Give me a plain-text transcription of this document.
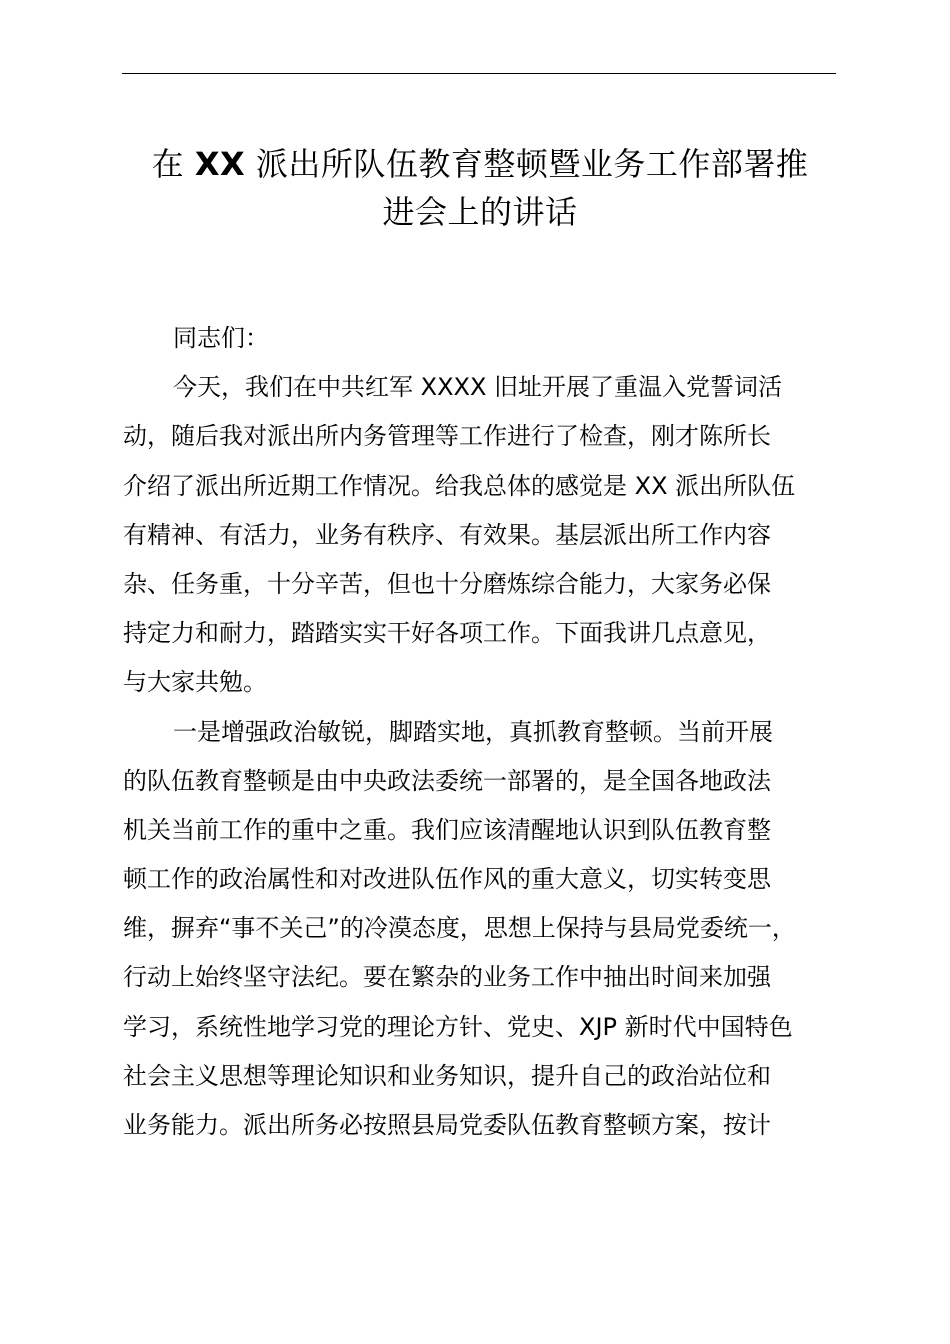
在 XX 派出所队伍教育整顿暨业务工作部署推
进会上的讲话
同志们：
今天，我们在中共红军 XXXX 旧址开展了重温入党誓词活
动，随后我对派出所内务管理等工作进行了检查，刚才陈所长
介绍了派出所近期工作情况。给我总体的感觉是 XX 派出所队伍
有精神、有活力，业务有秩序、有效果。基层派出所工作内容
杂、任务重，十分辛苦，但也十分磨炼综合能力，大家务必保
持定力和耐力，踏踏实实干好各项工作。下面我讲几点意见，
与大家共勉。
一是增强政治敏锐，脚踏实地，真抓教育整顿。当前开展
的队伍教育整顿是由中央政法委统一部署的，是全国各地政法
机关当前工作的重中之重。我们应该清醒地认识到队伍教育整
顿工作的政治属性和对改进队伍作风的重大意义，切实转变思
维，摒弃“事不关己”的冷漠态度，思想上保持与县局党委统一，
行动上始终坚守法纪。要在繁杂的业务工作中抽出时间来加强
学习，系统性地学习党的理论方针、党史、XJP 新时代中国特色
社会主义思想等理论知识和业务知识，提升自己的政治站位和
业务能力。派出所务必按照县局党委队伍教育整顿方案，按计
